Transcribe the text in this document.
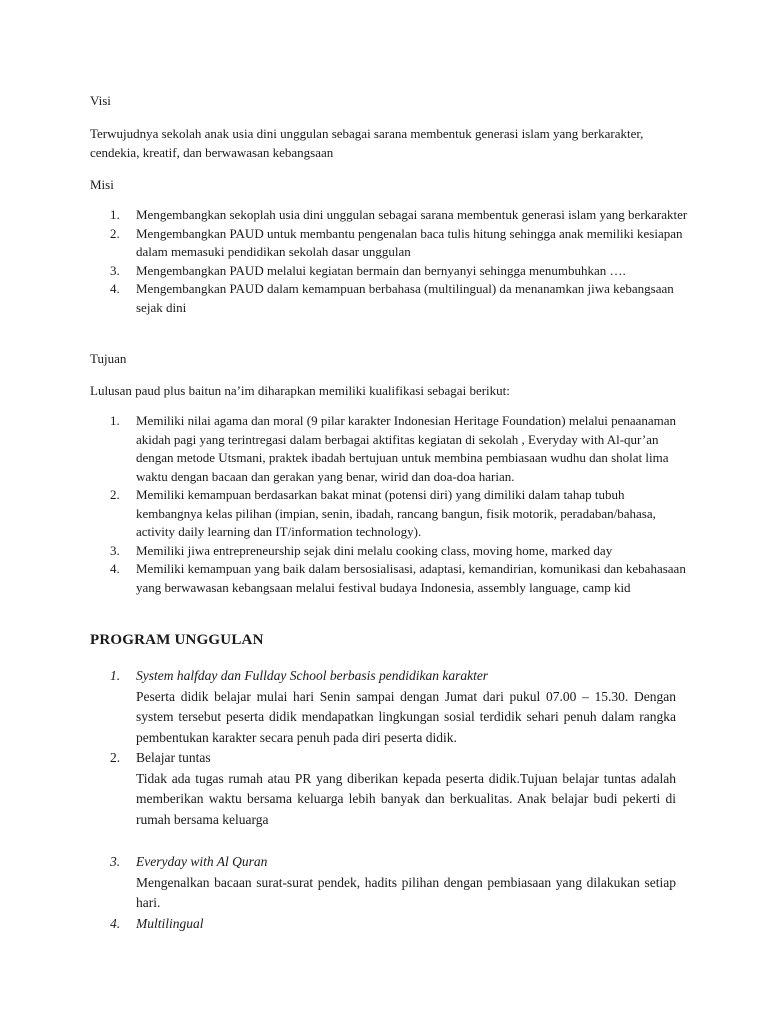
Visi
Terwujudnya sekolah anak usia dini unggulan sebagai sarana membentuk generasi islam yang berkarakter, cendekia, kreatif, dan berwawasan kebangsaan
Misi
1. Mengembangkan sekoplah usia dini unggulan sebagai sarana membentuk generasi islam yang berkarakter
2. Mengembangkan PAUD untuk membantu pengenalan baca tulis hitung sehingga anak memiliki kesiapan dalam memasuki pendidikan sekolah dasar unggulan
3. Mengembangkan PAUD melalui kegiatan bermain dan bernyanyi sehingga menumbuhkan ….
4. Mengembangkan PAUD dalam kemampuan berbahasa (multilingual) da menanamkan jiwa kebangsaan sejak dini
Tujuan
Lulusan paud plus baitun na’im diharapkan memiliki kualifikasi sebagai berikut:
1. Memiliki nilai agama dan moral (9 pilar karakter Indonesian Heritage Foundation) melalui penaanaman akidah pagi yang terintregasi dalam berbagai aktifitas kegiatan di sekolah , Everyday with Al-qur’an dengan metode Utsmani, praktek ibadah bertujuan untuk membina pembiasaan wudhu dan sholat lima waktu dengan bacaan dan gerakan yang benar, wirid dan doa-doa harian.
2. Memiliki kemampuan berdasarkan bakat minat (potensi diri) yang dimiliki dalam tahap tubuh kembangnya kelas pilihan (impian, senin, ibadah, rancang bangun, fisik motorik, peradaban/bahasa, activity daily learning dan IT/information technology).
3. Memiliki jiwa entrepreneurship sejak dini melalu cooking class, moving home, marked day
4. Memiliki kemampuan yang baik dalam bersosialisasi, adaptasi, kemandirian, komunikasi dan kebahasaan yang berwawasan kebangsaan melalui festival budaya Indonesia, assembly language, camp kid
PROGRAM UNGGULAN
1. System halfday dan Fullday School berbasis pendidikan karakter
Peserta didik belajar mulai hari Senin sampai dengan Jumat dari pukul 07.00 – 15.30. Dengan system tersebut peserta didik mendapatkan lingkungan sosial terdidik sehari penuh dalam rangka pembentukan karakter secara penuh pada diri peserta didik.
2. Belajar tuntas
Tidak ada tugas rumah atau PR yang diberikan kepada peserta didik.Tujuan belajar tuntas adalah memberikan waktu bersama keluarga lebih banyak dan berkualitas. Anak belajar budi pekerti di rumah bersama keluarga
3. Everyday with Al Quran
Mengenalkan bacaan surat-surat pendek, hadits pilihan dengan pembiasaan yang dilakukan setiap hari.
4. Multilingual
